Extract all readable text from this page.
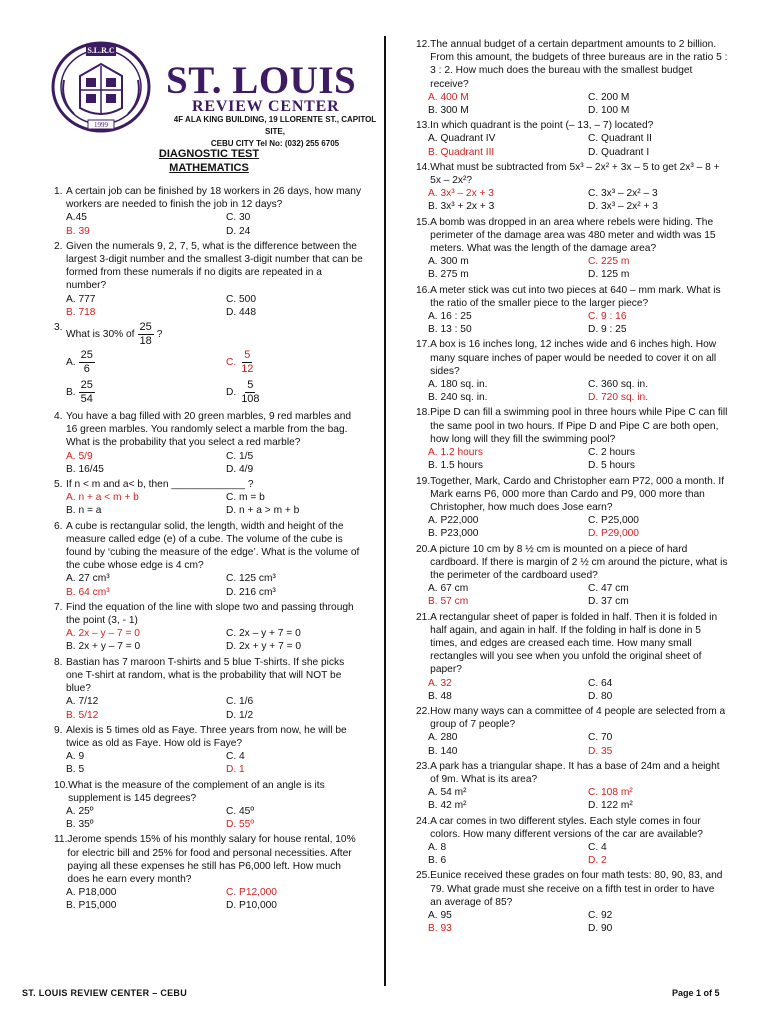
S.L.R.C
1999
ST. LOUIS
REVIEW CENTER
4F ALA KING BUILDING, 19 LLORENTE ST., CAPITOL SITE,
CEBU CITY Tel No: (032) 255 6705
DIAGNOSTIC TEST
MATHEMATICS
1. A certain job can be finished by 18 workers in 26 days, how many workers are needed to finish the job in 12 days?
A.45	C. 30
B. 39	D. 24
2. Given the numerals 9, 2, 7, 5, what is the difference between the largest 3-digit number and the smallest 3-digit number that can be formed from these numerals if no digits are repeated in a number?
A. 777	C. 500
B. 718	D. 448
3.
What is 30% of $\frac{25}{18}$ ?
A. $\frac{25}{6}$	C. $\frac{5}{12}$
B. $\frac{25}{54}$	D. $\frac{5}{108}$
4. You have a bag filled with 20 green marbles, 9 red marbles and 16 green marbles. You randomly select a marble from the bag. What is the probability that you select a red marble?
A. 5/9	C. 1/5
B. 16/45	D. 4/9
5. If n < m and a< b, then _____________ ?
A. n + a < m + b	C. m = b
B. n = a	D. n + a > m + b
6. A cube is rectangular solid, the length, width and height of the measure called edge (e) of a cube. The volume of the cube is found by ‘cubing the measure of the edge’. What is the volume of the cube whose edge is 4 cm?
A. 27 cm³	C. 125 cm³
B. 64 cm³	D. 216 cm³
7. Find the equation of the line with slope two and passing through the point (3, - 1)
A. 2x – y – 7 = 0	C. 2x – y + 7 = 0
B. 2x + y – 7 = 0	D. 2x + y + 7 = 0
8. Bastian has 7 maroon T-shirts and 5 blue T-shirts. If she picks one T-shirt at random, what is the probability that will NOT be blue?
A. 7/12	C. 1/6
B. 5/12	D. 1/2
9. Alexis is 5 times old as Faye. Three years from now, he will be twice as old as Faye. How old is Faye?
A. 9	C. 4
B. 5	D. 1
10. What is the measure of the complement of an angle is its supplement is 145 degrees?
A. 25º	C. 45º
B. 35º	D. 55º
11. Jerome spends 15% of his monthly salary for house rental, 10% for electric bill and 25% for food and personal necessities. After paying all these expenses he still has P6,000 left. How much does he earn every month?
A. P18,000	C. P12,000
B. P15,000	D. P10,000
12. The annual budget of a certain department amounts to 2 billion. From this amount, the budgets of three bureaus are in the ratio 5 : 3 : 2. How much does the bureau with the smallest budget receive?
A. 400 M	C. 200 M
B. 300 M	D. 100 M
13. In which quadrant is the point (– 13, – 7) located?
A. Quadrant IV	C. Quadrant II
B. Quadrant III	D. Quadrant I
14. What must be subtracted from 5x³ – 2x² + 3x – 5 to get 2x³ – 8 + 5x – 2x²?
A. 3x³ – 2x + 3	C. 3x³ – 2x² – 3
B. 3x³ + 2x + 3	D. 3x³ – 2x² + 3
15. A bomb was dropped in an area where rebels were hiding. The perimeter of the damage area was 480 meter and width was 15 meters. What was the length of the damage area?
A. 300 m	C. 225 m
B. 275 m	D. 125 m
16. A meter stick was cut into two pieces at 640 – mm mark. What is the ratio of the smaller piece to the larger piece?
A. 16 : 25	C. 9 : 16
B. 13 : 50	D. 9 : 25
17. A box is 16 inches long, 12 inches wide and 6 inches high. How many square inches of paper would be needed to cover it on all sides?
A. 180 sq. in.	C. 360 sq. in.
B. 240 sq. in.	D. 720 sq. in.
18. Pipe D can fill a swimming pool in three hours while Pipe C can fill the same pool in two hours. If Pipe D and Pipe C are both open, how long will they fill the swimming pool?
A. 1.2 hours	C. 2 hours
B. 1.5 hours	D. 5 hours
19. Together, Mark, Cardo and Christopher earn P72, 000 a month. If Mark earns P6, 000 more than Cardo and P9, 000 more than Christopher, how much does Jose earn?
A. P22,000	C. P25,000
B. P23,000	D. P29,000
20. A picture 10 cm by 8 ½ cm is mounted on a piece of hard cardboard. If there is margin of 2 ½ cm around the picture, what is the perimeter of the cardboard used?
A. 67 cm	C. 47 cm
B. 57 cm	D. 37 cm
21. A rectangular sheet of paper is folded in half. Then it is folded in half again, and again in half. If the folding in half is done in 5 times, and edges are creased each time. How many small rectangles will you see when you unfold the original sheet of paper?
A. 32	C. 64
B. 48	D. 80
22. How many ways can a committee of 4 people are selected from a group of 7 people?
A. 280	C. 70
B. 140	D. 35
23. A park has a triangular shape. It has a base of 24m and a height of 9m. What is its area?
A. 54 m²	C. 108 m²
B. 42 m²	D. 122 m²
24. A car comes in two different styles. Each style comes in four colors. How many different versions of the car are available?
A. 8	C. 4
B. 6	D. 2
25. Eunice received these grades on four math tests: 80, 90, 83, and 79. What grade must she receive on a fifth test in order to have an average of 85?
A. 95	C. 92
B. 93	D. 90
ST. LOUIS REVIEW CENTER – CEBU	Page 1 of 5
